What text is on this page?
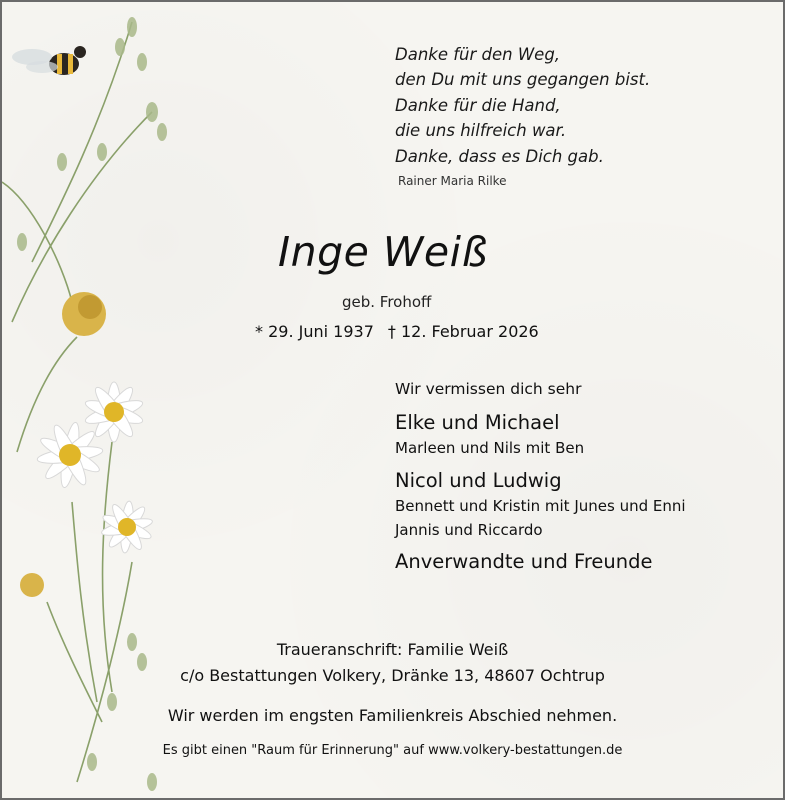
Danke für den Weg,
den Du mit uns gegangen bist.
Danke für die Hand,
die uns hilfreich war.
Danke, dass es Dich gab.
Rainer Maria Rilke
Inge Weiß
geb. Frohoff
* 29. Juni 1937 † 12. Februar 2026
Wir vermissen dich sehr
Elke und Michael
Marleen und Nils mit Ben
Nicol und Ludwig
Bennett und Kristin mit Junes und Enni
Jannis und Riccardo
Anverwandte und Freunde
Traueranschrift: Familie Weiß
c/o Bestattungen Volkery, Dränke 13, 48607 Ochtrup
Wir werden im engsten Familienkreis Abschied nehmen.
Es gibt einen "Raum für Erinnerung" auf www.volkery-bestattungen.de
